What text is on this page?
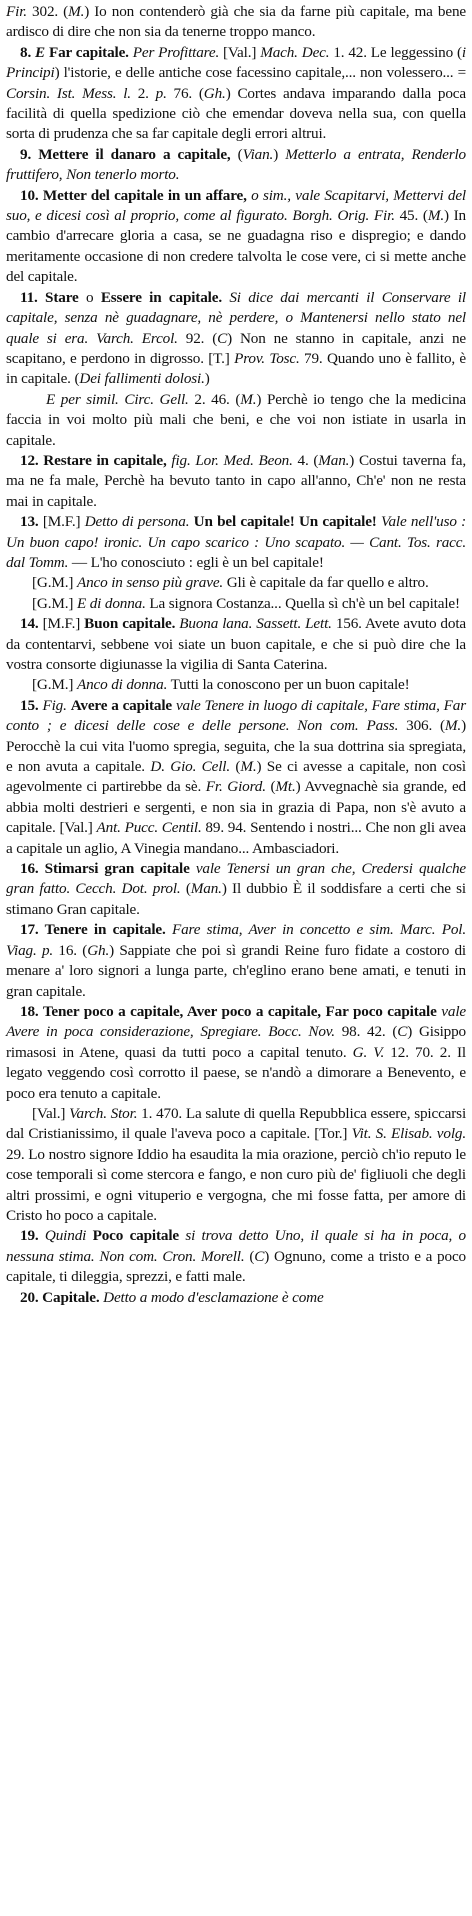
Fir. 302. (M.) Io non contenderò già che sia da farne più capitale, ma bene ardisco di dire che non sia da tenerne troppo manco.

8. E Far capitale. Per Profittare. [Val.] Mach. Dec. 1. 42. Le leggessino (i Principi) l'istorie, e delle antiche cose facessino capitale,... non volessero... = Corsin. Ist. Mess. l. 2. p. 76. (Gh.) Cortes andava imparando dalla poca facilità di quella spedizione ciò che emendar doveva nella sua, con quella sorta di prudenza che sa far capitale degli errori altrui.

9. Mettere il danaro a capitale, (Vian.) Metterlo a entrata, Renderlo fruttifero, Non tenerlo morto.

10. Metter del capitale in un affare, o sim., vale Scapitarvi, Mettervi del suo, e dicesi così al proprio, come al figurato. Borgh. Orig. Fir. 45. (M.) In cambio d'arrecare gloria a casa, se ne guadagna riso e dispregio; e dando meritamente occasione di non credere talvolta le cose vere, ci si mette anche del capitale.

11. Stare o Essere in capitale. Si dice dai mercanti il Conservare il capitale, senza nè guadagnare, nè perdere, o Mantenersi nello stato nel quale si era. Varch. Ercol. 92. (C) Non ne stanno in capitale, anzi ne scapitano, e perdono in digrosso. [T.] Prov. Tosc. 79. Quando uno è fallito, è in capitale. (Dei fallimenti dolosi.)

E per simil. Circ. Gell. 2. 46. (M.) Perchè io tengo che la medicina faccia in voi molto più mali che beni, e che voi non istiate in usarla in capitale.

12. Restare in capitale, fig. Lor. Med. Beon. 4. (Man.) Costui taverna fa, ma ne fa male, Perchè ha bevuto tanto in capo all'anno, Ch'e' non ne resta mai in capitale.

13. [M.F.] Detto di persona. Un bel capitale! Un capitale! Vale nell'uso : Un buon capo! ironic. Un capo scarico : Uno scapato. — Cant. Tos. racc. dal Tomm. — L'ho conosciuto : egli è un bel capitale!

[G.M.] Anco in senso più grave. Gli è capitale da far quello e altro.

[G.M.] E di donna. La signora Costanza... Quella sì ch'è un bel capitale!

14. [M.F.] Buon capitale. Buona lana. Sassett. Lett. 156. Avete avuto dota da contentarvi, sebbene voi siate un buon capitale, e che si può dire che la vostra consorte digiunasse la vigilia di Santa Caterina.

[G.M.] Anco di donna. Tutti la conoscono per un buon capitale!

15. Fig. Avere a capitale vale Tenere in luogo di capitale, Fare stima, Far conto ; e dicesi delle cose e delle persone. Non com. Pass. 306. (M.) Perocchè la cui vita l'uomo spregia, seguita, che la sua dottrina sia spregiata, e non avuta a capitale. D. Gio. Cell. (M.) Se ci avesse a capitale, non così agevolmente ci partirebbe da sè. Fr. Giord. (Mt.) Avvegnachè sia grande, ed abbia molti destrieri e sergenti, e non sia in grazia di Papa, non s'è avuto a capitale. [Val.] Ant. Pucc. Centil. 89. 94. Sentendo i nostri... Che non gli avea a capitale un aglio, A Vinegia mandano... Ambasciadori.

16. Stimarsi gran capitale vale Tenersi un gran che, Credersi qualche gran fatto. Cecch. Dot. prol. (Man.) Il dubbio È il soddisfare a certi che si stimano Gran capitale.

17. Tenere in capitale. Fare stima, Aver in concetto e sim. Marc. Pol. Viag. p. 16. (Gh.) Sappiate che poi sì grandi Reine furo fidate a costoro di menare a' loro signori a lunga parte, ch'eglino erano bene amati, e tenuti in gran capitale.

18. Tener poco a capitale, Aver poco a capitale, Far poco capitale vale Avere in poca considerazione, Spregiare. Bocc. Nov. 98. 42. (C) Gisippo rimasosi in Atene, quasi da tutti poco a capital tenuto. G. V. 12. 70. 2. Il legato veggendo così corrotto il paese, se n'andò a dimorare a Benevento, e poco era tenuto a capitale.

[Val.] Varch. Stor. 1. 470. La salute di quella Repubblica essere, spiccarsi dal Cristianissimo, il quale l'aveva poco a capitale. [Tor.] Vit. S. Elisab. volg. 29. Lo nostro signore Iddio ha esaudita la mia orazione, perciò ch'io reputo le cose temporali sì come stercora e fango, e non curo più de' figliuoli che degli altri prossimi, e ogni vituperio e vergogna, che mi fosse fatta, per amore di Cristo ho poco a capitale.

19. Quindi Poco capitale si trova detto Uno, il quale si ha in poca, o nessuna stima. Non com. Cron. Morell. (C) Ognuno, come a tristo e a poco capitale, ti dileggia, sprezzi, e fatti male.

20. Capitale. Detto a modo d'esclamazione è come
